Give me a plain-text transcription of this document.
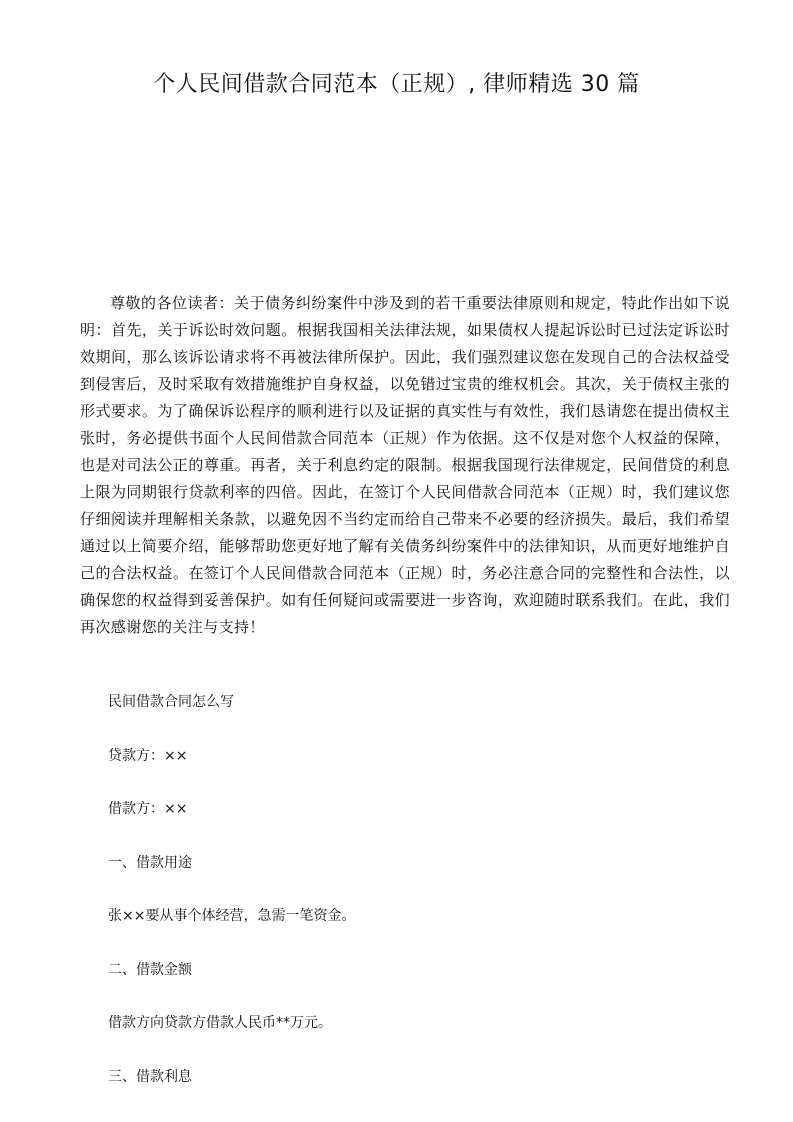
个人民间借款合同范本（正规）, 律师精选 30 篇

尊敬的各位读者：关于债务纠纷案件中涉及到的若干重要法律原则和规定，特此作出如下说明：首先，关于诉讼时效问题。根据我国相关法律法规，如果债权人提起诉讼时已过法定诉讼时效期间，那么该诉讼请求将不再被法律所保护。因此，我们强烈建议您在发现自己的合法权益受到侵害后，及时采取有效措施维护自身权益，以免错过宝贵的维权机会。其次，关于债权主张的形式要求。为了确保诉讼程序的顺利进行以及证据的真实性与有效性，我们恳请您在提出债权主张时，务必提供书面个人民间借款合同范本（正规）作为依据。这不仅是对您个人权益的保障，也是对司法公正的尊重。再者，关于利息约定的限制。根据我国现行法律规定，民间借贷的利息上限为同期银行贷款利率的四倍。因此，在签订个人民间借款合同范本（正规）时，我们建议您仔细阅读并理解相关条款，以避免因不当约定而给自己带来不必要的经济损失。最后，我们希望通过以上简要介绍，能够帮助您更好地了解有关债务纠纷案件中的法律知识，从而更好地维护自己的合法权益。在签订个人民间借款合同范本（正规）时，务必注意合同的完整性和合法性，以确保您的权益得到妥善保护。如有任何疑问或需要进一步咨询，欢迎随时联系我们。在此，我们再次感谢您的关注与支持！

民间借款合同怎么写
贷款方：××
借款方：××
一、借款用途
张××要从事个体经营，急需一笔资金。
二、借款金额
借款方向贷款方借款人民币**万元。
三、借款利息
